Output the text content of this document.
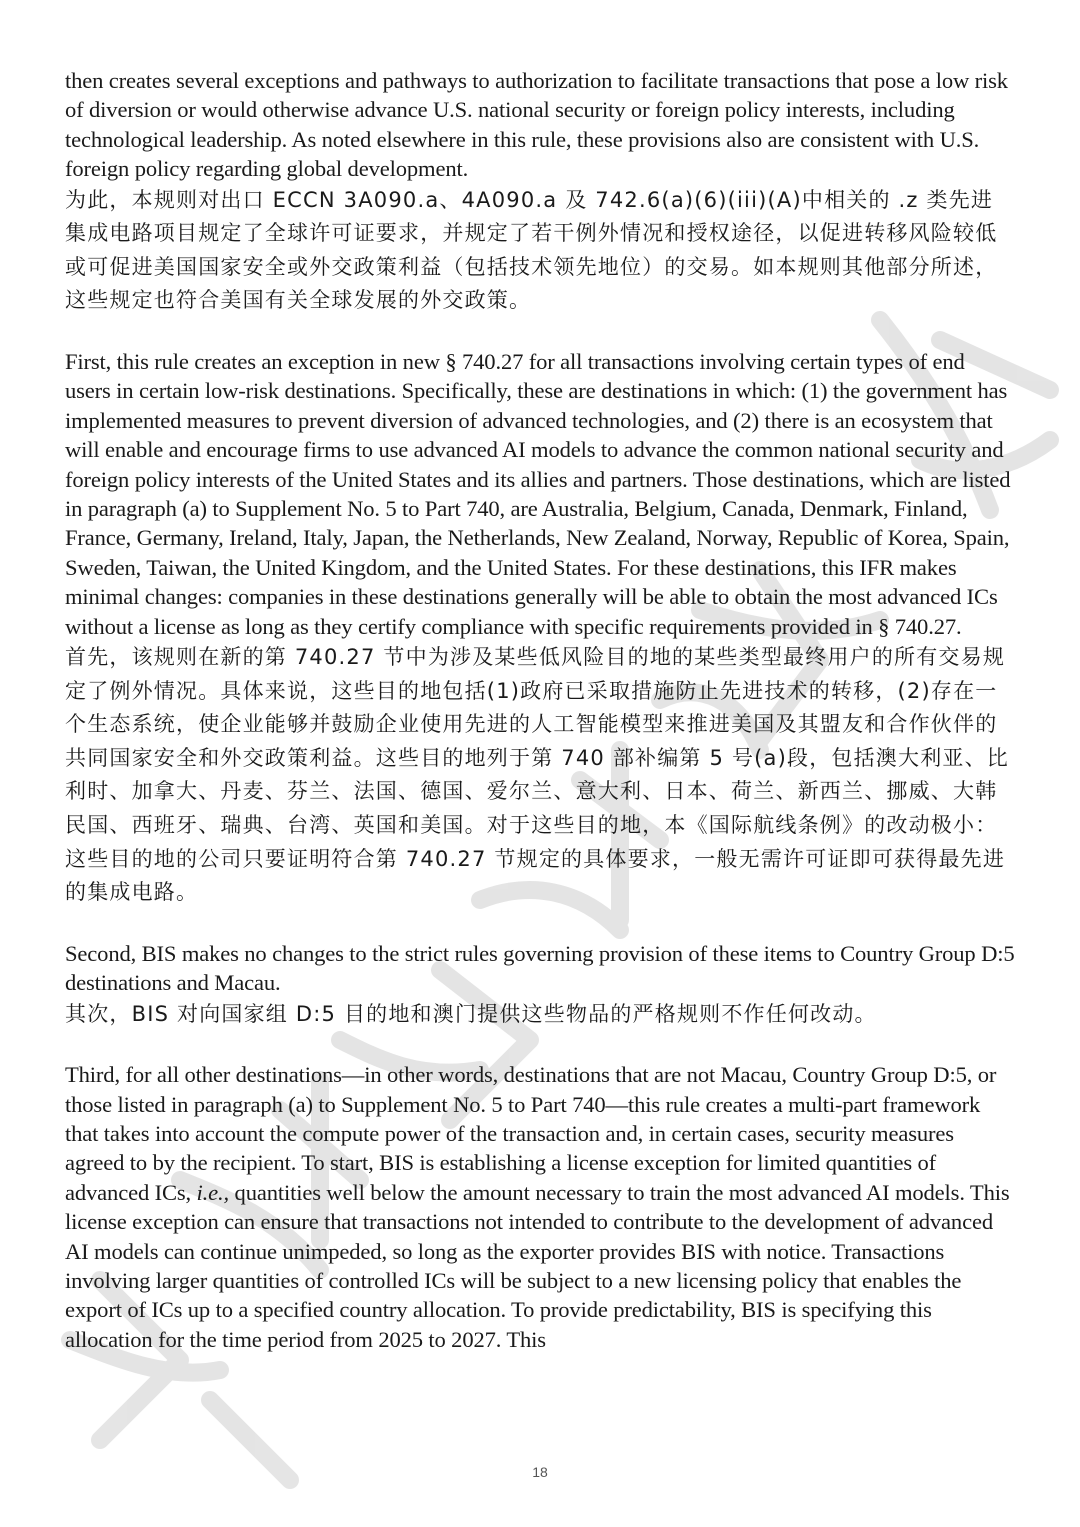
then creates several exceptions and pathways to authorization to facilitate transactions that pose a low risk of diversion or would otherwise advance U.S. national security or foreign policy interests, including technological leadership. As noted elsewhere in this rule, these provisions also are consistent with U.S. foreign policy regarding global development.

为此，本规则对出口 ECCN 3A090.a、4A090.a 及 742.6(a)(6)(iii)(A)中相关的 .z 类先进集成电路项目规定了全球许可证要求，并规定了若干例外情况和授权途径，以促进转移风险较低或可促进美国国家安全或外交政策利益（包括技术领先地位）的交易。如本规则其他部分所述，这些规定也符合美国有关全球发展的外交政策。

First, this rule creates an exception in new § 740.27 for all transactions involving certain types of end users in certain low-risk destinations. Specifically, these are destinations in which: (1) the government has implemented measures to prevent diversion of advanced technologies, and (2) there is an ecosystem that will enable and encourage firms to use advanced AI models to advance the common national security and foreign policy interests of the United States and its allies and partners. Those destinations, which are listed in paragraph (a) to Supplement No. 5 to Part 740, are Australia, Belgium, Canada, Denmark, Finland, France, Germany, Ireland, Italy, Japan, the Netherlands, New Zealand, Norway, Republic of Korea, Spain, Sweden, Taiwan, the United Kingdom, and the United States. For these destinations, this IFR makes minimal changes: companies in these destinations generally will be able to obtain the most advanced ICs without a license as long as they certify compliance with specific requirements provided in § 740.27.

首先，该规则在新的第 740.27 节中为涉及某些低风险目的地的某些类型最终用户的所有交易规定了例外情况。具体来说，这些目的地包括(1)政府已采取措施防止先进技术的转移，(2)存在一个生态系统，使企业能够并鼓励企业使用先进的人工智能模型来推进美国及其盟友和合作伙伴的共同国家安全和外交政策利益。这些目的地列于第 740 部补编第 5 号(a)段，包括澳大利亚、比利时、加拿大、丹麦、芬兰、法国、德国、爱尔兰、意大利、日本、荷兰、新西兰、挪威、大韩民国、西班牙、瑞典、台湾、英国和美国。对于这些目的地，本《国际航线条例》的改动极小：这些目的地的公司只要证明符合第 740.27 节规定的具体要求，一般无需许可证即可获得最先进的集成电路。

Second, BIS makes no changes to the strict rules governing provision of these items to Country Group D:5 destinations and Macau.

其次，BIS 对向国家组 D:5 目的地和澳门提供这些物品的严格规则不作任何改动。

Third, for all other destinations—in other words, destinations that are not Macau, Country Group D:5, or those listed in paragraph (a) to Supplement No. 5 to Part 740—this rule creates a multi-part framework that takes into account the compute power of the transaction and, in certain cases, security measures agreed to by the recipient. To start, BIS is establishing a license exception for limited quantities of advanced ICs, i.e., quantities well below the amount necessary to train the most advanced AI models. This license exception can ensure that transactions not intended to contribute to the development of advanced AI models can continue unimpeded, so long as the exporter provides BIS with notice. Transactions involving larger quantities of controlled ICs will be subject to a new licensing policy that enables the export of ICs up to a specified country allocation. To provide predictability, BIS is specifying this allocation for the time period from 2025 to 2027. This

18
